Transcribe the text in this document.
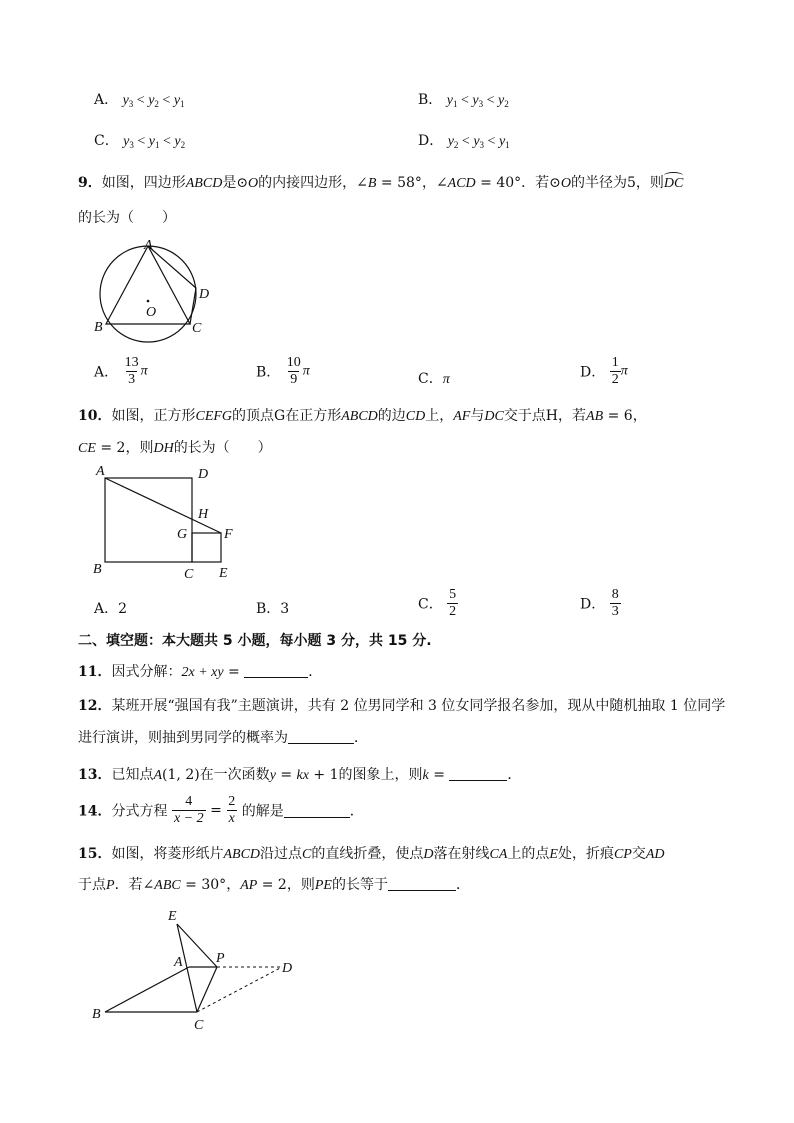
A． $y_3 < y_2 < y_1$	B． $y_1 < y_3 < y_2$
C． $y_3 < y_1 < y_2$	D． $y_2 < y_3 < y_1$
9．如图，四边形ABCD是⊙O的内接四边形，∠B = 58°，∠ACD = 40°．若⊙O的半径为5，则DC
的长为（　　）
A
B	C
D
O
A． $\frac{13}{3}$ π	B． $\frac{10}{9}$ π	C．π	D． $\frac{1}{2}$ π
10．如图，正方形CEFG的顶点G在正方形ABCD的边CD上，AF与DC交于点H，若AB = 6，
CE = 2，则DH的长为（　　）
A	D
H
G	F
B	C E
A．2	B．3	C． $\frac{5}{2}$	D． $\frac{8}{3}$
二、填空题：本大题共 5 小题，每小题 3 分，共 15 分.
11．因式分解：2x + xy =	．
12．某班开展“强国有我”主题演讲，共有 2 位男同学和 3 位女同学报名参加，现从中随机抽取 1 位同学
进行演讲，则抽到男同学的概率为	．
13．已知点A(1, 2)在一次函数y = kx + 1的图象上，则k =	．
14．分式方程 $\frac{4}{x - 2} = \frac{2}{x}$ 的解是	．
15．如图，将菱形纸片ABCD沿过点C的直线折叠，使点D落在射线CA上的点E处，折痕CP交AD
于点P．若∠ABC = 30°，AP = 2，则PE的长等于	．
E
A P
D
B
C
